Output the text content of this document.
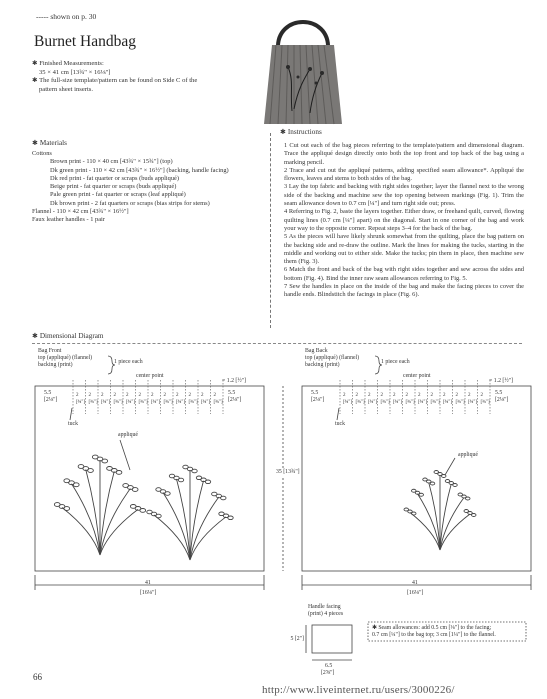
----- shown on p. 30
Burnet Handbag
✱ Finished Measurements:
35 × 41 cm [13¾" × 16⅛"]
✱ The full-size template/pattern can be found on Side C of the
pattern sheet inserts.
✱ Materials
Cottons
Brown print - 110 × 40 cm [43¾" × 15¾"] (top)
Dk green print - 110 × 42 cm [43¾" × 16½"] (backing, handle facing)
Dk red print - fat quarter or scraps (buds appliqué)
Beige print - fat quarter or scraps (buds appliqué)
Pale green print - fat quarter or scraps (leaf appliqué)
Dk brown print - 2 fat quarters or scraps (bias strips for stems)
Flannel - 110 × 42 cm [43¾" × 16½"]
Faux leather handles - 1 pair
✱ Instructions

1 Cut out each of the bag pieces referring to the template/pattern and dimensional diagram. Trace the appliqué design directly onto both the top front and top back of the bag using a marking pencil.

2 Trace and cut out the appliqué patterns, adding specified seam allowance*. Appliqué the flowers, leaves and stems to both sides of the bag.

3 Lay the top fabric and backing with right sides together; layer the flannel next to the wrong side of the backing and machine sew the top opening between markings (Fig. 1). Trim the seam allowance down to 0.7 cm [¼"] and turn right side out; press.

4 Referring to Fig. 2, baste the layers together. Either draw, or freehand quilt, curved, flowing quilting lines (0.7 cm [¼"] apart) on the diagonal. Start in one corner of the bag and work your way to the opposite corner. Repeat steps 3–4 for the back of the bag.

5 As the pieces will have likely shrunk somewhat from the quilting, place the bag pattern on the backing side and re-draw the outline. Mark the lines for making the tucks, starting in the middle and working out to either side. Make the tucks; pin them in place, then machine sew them (Fig. 3).

6 Match the front and back of the bag with right sides together and sew across the sides and bottom (Fig. 4). Bind the inner raw seam allowances referring to Fig. 5.

7 Sew the handles in place on the inside of the bag and make the facing pieces to cover the handle ends. Blindstitch the facings in place (Fig. 6).

✱ Dimensional Diagram
Bag Front
top (appliqué) (flannel)
backing (print)	1 piece each
center point
= 1.2 [½"]
Bag Back
top (appliqué) (flannel)
backing (print)	1 piece each
center point
= 1.2 [½"]
tuck
appliqué
tuck
appliqué
35 [13¾"]
41
[16⅛"]
41
[16⅛"]
5.5
[2⅛"]
5.5
[2⅛"]
5.5
[2⅛"]
5.5
[2⅛"]
2
[¾"]
2
[¾"]
2
[¾"]
2
[¾"]
2
[¾"]
2
[¾"]
2
[¾"]
2
[¾"]
2
[¾"]
2
[¾"]
2
[¾"]
2
[¾"]
2
[¾"]
2
[¾"]
2
[¾"]
2
[¾"]
2
[¾"]
2
[¾"]
2
[¾"]
2
[¾"]
2
[¾"]
2
[¾"]
2
[¾"]
2
[¾"]
Handle facing
(print) 4 pieces
5 [2"]
6.5
[2⅝"]
✱ Seam allowances: add 0.5 cm [⅛"] to the facing;
0.7 cm [¼"] to the bag top; 3 cm [1¼"] to the flannel.
66
http://www.liveinternet.ru/users/3000226/
